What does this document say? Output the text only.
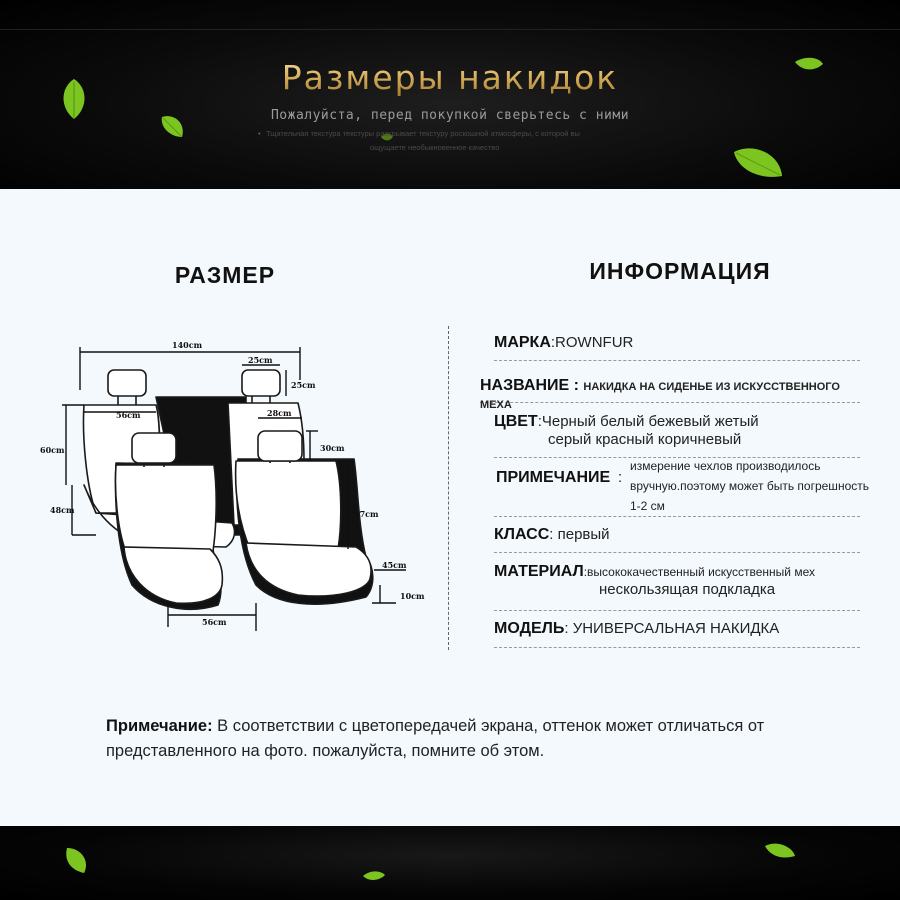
Размеры накидок
Пожалуйста, перед покупкой сверьтесь с ними
• Тщательная текстура текстуры раскрывает текстуру роскошной атмосферы, с которой вы
ощущаете необыкновенное качество
РАЗМЕР	ИНФОРМАЦИЯ
140cm
25cm
25cm
56cm	28cm
30cm
60cm
48cm	57cm
45cm
10cm
56cm
МАРКА:ROWNFUR
НАЗВАНИЕ : НАКИДКА НА СИДЕНЬЕ ИЗ ИСКУССТВЕННОГО МЕХА
ЦВЕТ:Черный белый бежевый жетый
серый красный коричневый
ПРИМЕЧАНИЕ :
измерение чехлов производилось
вручную.поэтому может быть погрешность
1-2 см
КЛАСС: первый
МАТЕРИАЛ:высококачественный искусственный мех
нескользящая подкладка
МОДЕЛЬ: УНИВЕРСАЛЬНАЯ НАКИДКА
Примечание: В соответствии с цветопередачей экрана, оттенок может отличаться от представленного на фото. пожалуйста, помните об этом.
